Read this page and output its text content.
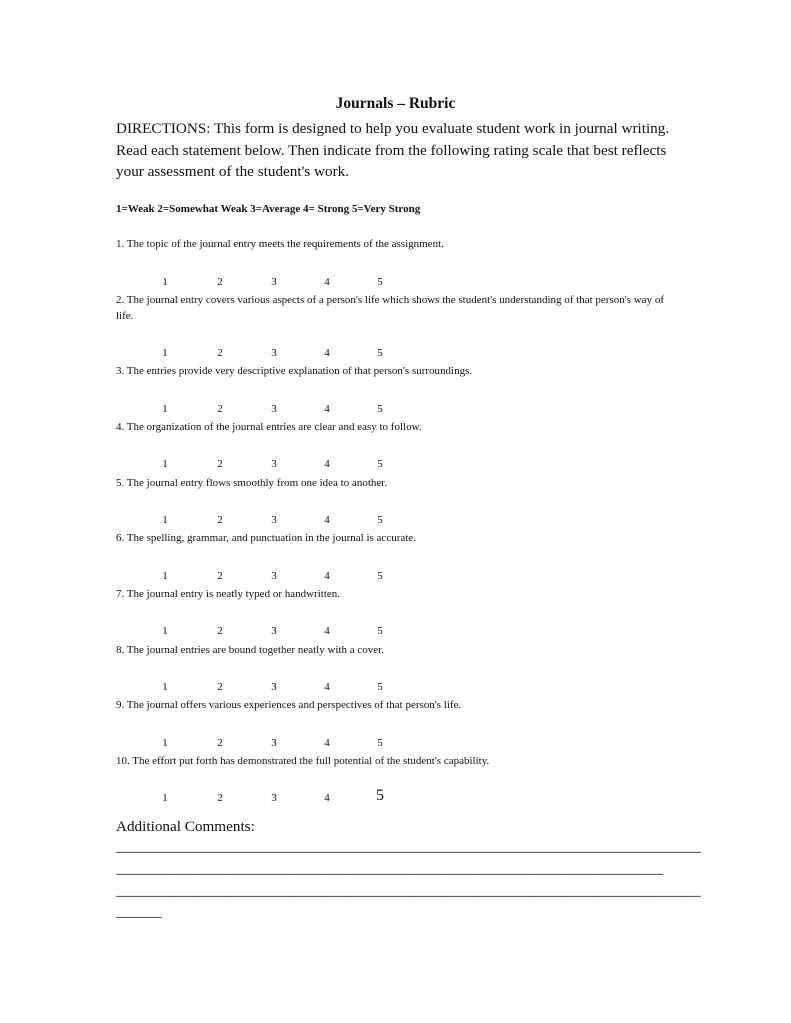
Journals – Rubric

DIRECTIONS: This form is designed to help you evaluate student work in journal writing. Read each statement below. Then indicate from the following rating scale that best reflects your assessment of the student's work.

1=Weak 2=Somewhat Weak 3=Average 4= Strong 5=Very Strong

1. The topic of the journal entry meets the requirements of the assignment.

1	2	3	4	5

2. The journal entry covers various aspects of a person's life which shows the student's understanding of that person's way of life.

1	2	3	4	5

3. The entries provide very descriptive explanation of that person's surroundings.

1	2	3	4	5

4. The organization of the journal entries are clear and easy to follow.

1	2	3	4	5

5. The journal entry flows smoothly from one idea to another.

1	2	3	4	5

6. The spelling, grammar, and punctuation in the journal is accurate.

1	2	3	4	5

7. The journal entry is neatly typed or handwritten.

1	2	3	4	5

8. The journal entries are bound together neatly with a cover.

1	2	3	4	5

9. The journal offers various experiences and perspectives of that person's life.

1	2	3	4	5

10. The effort put forth has demonstrated the full potential of the student's capability.

1	2	3	4	5

Additional Comments:

_____________________________________________________________________________

________________________________________________________________________

_____________________________________________________________________________

______
